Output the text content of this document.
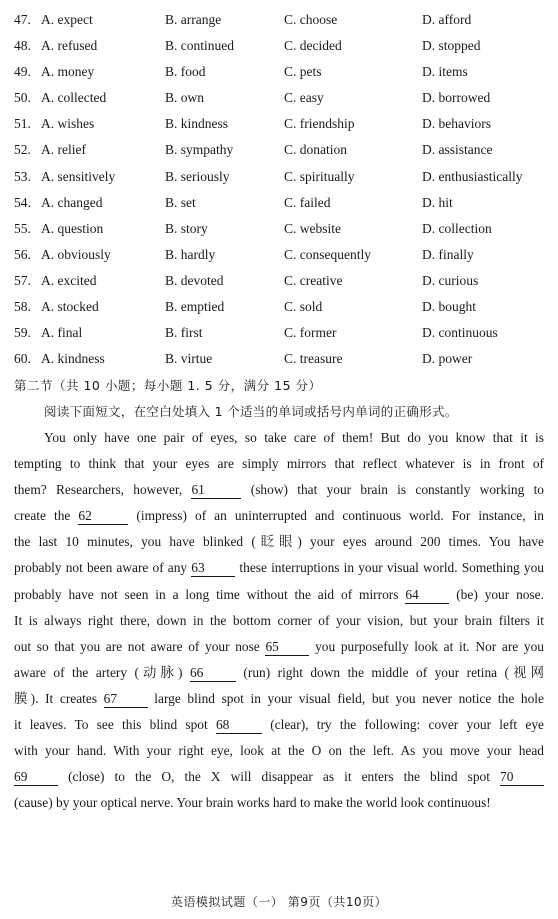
47. A. expect	B. arrange	C. choose	D. afford
48. A. refused	B. continued	C. decided	D. stopped
49. A. money	B. food	C. pets	D. items
50. A. collected	B. own	C. easy	D. borrowed
51. A. wishes	B. kindness	C. friendship	D. behaviors
52. A. relief	B. sympathy	C. donation	D. assistance
53. A. sensitively	B. seriously	C. spiritually	D. enthusiastically
54. A. changed	B. set	C. failed	D. hit
55. A. question	B. story	C. website	D. collection
56. A. obviously	B. hardly	C. consequently	D. finally
57. A. excited	B. devoted	C. creative	D. curious
58. A. stocked	B. emptied	C. sold	D. bought
59. A. final	B. first	C. former	D. continuous
60. A. kindness	B. virtue	C. treasure	D. power
第二节（共 10 小题；每小题 1. 5 分，满分 15 分）
阅读下面短文，在空白处填入 1 个适当的单词或括号内单词的正确形式。
You only have one pair of eyes, so take care of them! But do you know that it is
tempting to think that your eyes are simply mirrors that reflect whatever is in front of
them? Researchers, however, 61	(show) that your brain is constantly working to
create the 62	(impress) of an uninterrupted and continuous world. For instance, in
the last 10 minutes, you have blinked (眨眼) your eyes around 200 times. You have
probably not been aware of any 63	these interruptions in your visual world. Something you
probably have not seen in a long time without the aid of mirrors 64	(be) your nose.
It is always right there, down in the bottom corner of your vision, but your brain filters it
out so that you are not aware of your nose 65	you purposefully look at it. Nor are you
aware of the artery (动脉) 66	(run) right down the middle of your retina (视网
膜). It creates 67	large blind spot in your visual field, but you never notice the hole
it leaves. To see this blind spot 68	(clear), try the following: cover your left eye
with your hand. With your right eye, look at the O on the left. As you move your head
69	(close) to the O, the X will disappear as it enters the blind spot 70
(cause) by your optical nerve. Your brain works hard to make the world look continuous!
英语模拟试题（一） 第9页（共10页）
